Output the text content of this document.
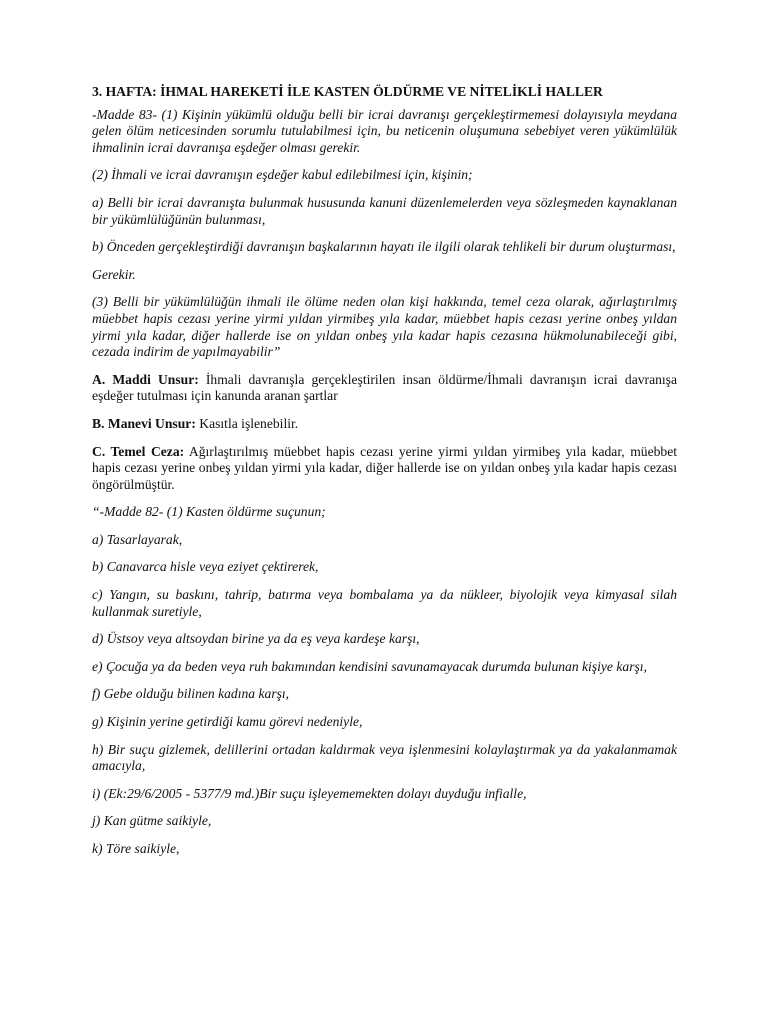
3. HAFTA: İHMAL HAREKETİ İLE KASTEN ÖLDÜRME VE NİTELİKLİ HALLER

-Madde 83- (1) Kişinin yükümlü olduğu belli bir icrai davranışı gerçekleştirmemesi dolayısıyla meydana gelen ölüm neticesinden sorumlu tutulabilmesi için, bu neticenin oluşumuna sebebiyet veren yükümlülük ihmalinin icrai davranışa eşdeğer olması gerekir.

(2) İhmali ve icrai davranışın eşdeğer kabul edilebilmesi için, kişinin;

a) Belli bir icrai davranışta bulunmak hususunda kanuni düzenlemelerden veya sözleşmeden kaynaklanan bir yükümlülüğünün bulunması,

b) Önceden gerçekleştirdiği davranışın başkalarının hayatı ile ilgili olarak tehlikeli bir durum oluşturması,

Gerekir.

(3) Belli bir yükümlülüğün ihmali ile ölüme neden olan kişi hakkında, temel ceza olarak, ağırlaştırılmış müebbet hapis cezası yerine yirmi yıldan yirmibeş yıla kadar, müebbet hapis cezası yerine onbeş yıldan yirmi yıla kadar, diğer hallerde ise on yıldan onbeş yıla kadar hapis cezasına hükmolunabileceği gibi, cezada indirim de yapılmayabilir”

A. Maddi Unsur: İhmali davranışla gerçekleştirilen insan öldürme/İhmali davranışın icrai davranışa eşdeğer tutulması için kanunda aranan şartlar

B. Manevi Unsur: Kasıtla işlenebilir.

C. Temel Ceza: Ağırlaştırılmış müebbet hapis cezası yerine yirmi yıldan yirmibeş yıla kadar, müebbet hapis cezası yerine onbeş yıldan yirmi yıla kadar, diğer hallerde ise on yıldan onbeş yıla kadar hapis cezası öngörülmüştür.

“-Madde 82- (1) Kasten öldürme suçunun;

a) Tasarlayarak,

b) Canavarca hisle veya eziyet çektirerek,

c) Yangın, su baskını, tahrip, batırma veya bombalama ya da nükleer, biyolojik veya kimyasal silah kullanmak suretiyle,

d) Üstsoy veya altsoydan birine ya da eş veya kardeşe karşı,

e) Çocuğa ya da beden veya ruh bakımından kendisini savunamayacak durumda bulunan kişiye karşı,

f) Gebe olduğu bilinen kadına karşı,

g) Kişinin yerine getirdiği kamu görevi nedeniyle,

h) Bir suçu gizlemek, delillerini ortadan kaldırmak veya işlenmesini kolaylaştırmak ya da yakalanmamak amacıyla,

i) (Ek:29/6/2005 - 5377/9 md.)Bir suçu işleyememekten dolayı duyduğu infialle,

j) Kan gütme saikiyle,

k) Töre saikiyle,
